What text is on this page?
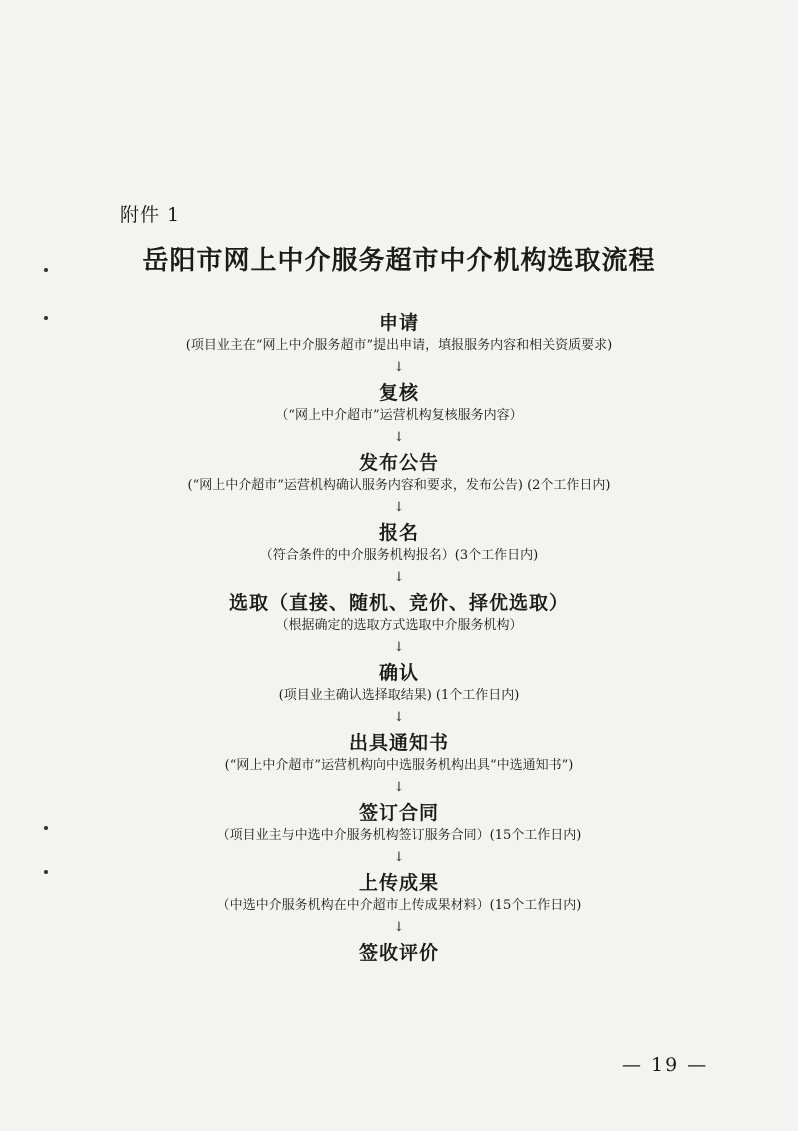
附件 1
岳阳市网上中介服务超市中介机构选取流程
申请
(项目业主在“网上中介服务超市”提出申请，填报服务内容和相关资质要求)
↓
复核
（“网上中介超市”运营机构复核服务内容）
↓
发布公告
(“网上中介超市”运营机构确认服务内容和要求，发布公告) (2个工作日内)
↓
报名
（符合条件的中介服务机构报名）(3个工作日内)
↓
选取（直接、随机、竞价、择优选取）
（根据确定的选取方式选取中介服务机构）
↓
确认
(项目业主确认选择取结果) (1个工作日内)
↓
出具通知书
(“网上中介超市”运营机构向中选服务机构出具“中选通知书”)
↓
签订合同
（项目业主与中选中介服务机构签订服务合同）(15个工作日内)
↓
上传成果
（中选中介服务机构在中介超市上传成果材料）(15个工作日内)
↓
签收评价
— 19 —
